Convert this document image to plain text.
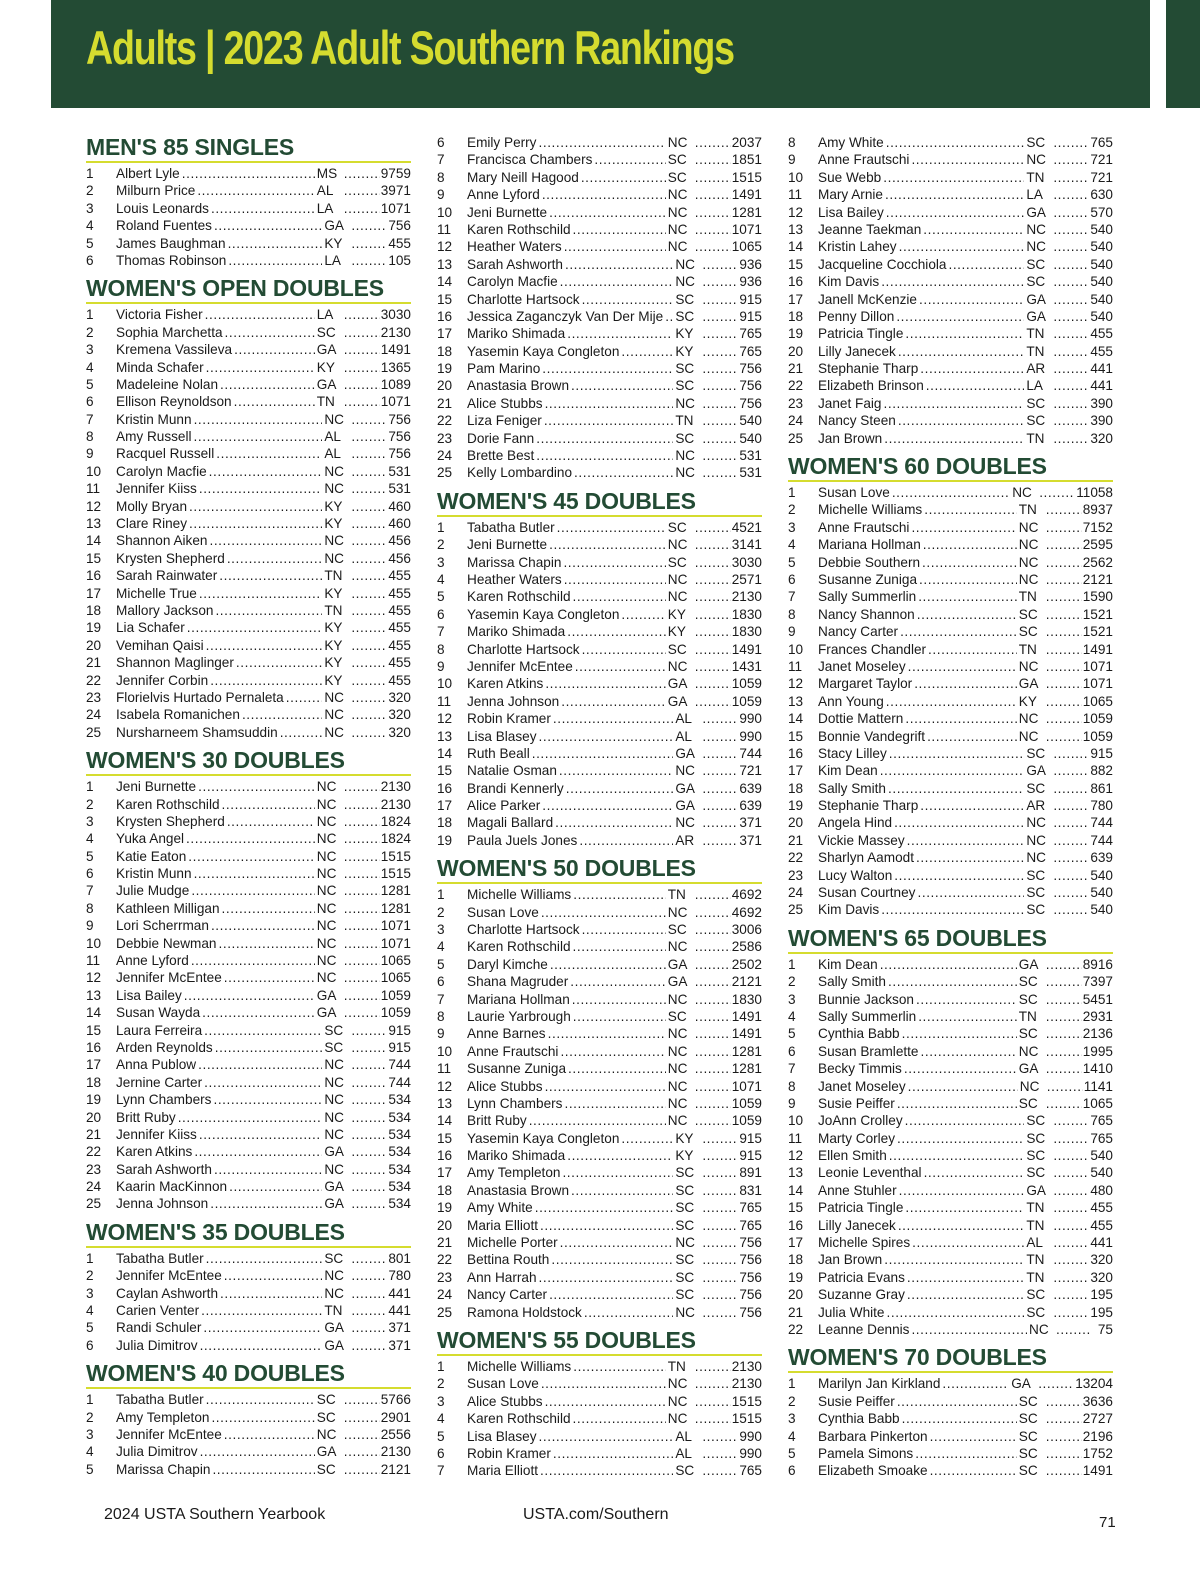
Adults | 2023 Adult Southern Rankings
MEN'S 85 SINGLES
1	Albert Lyle . . .	MS . . .	9759
2	Milburn Price . . .	AL . . .	3971
3	Louis Leonards . . .	LA . . .	1071
4	Roland Fuentes . . .	GA . . .	756
5	James Baughman . . .	KY . . .	455
6	Thomas Robinson . . .	LA . . .	105
WOMEN'S OPEN DOUBLES
1	Victoria Fisher . . .	LA . . .	3030
2	Sophia Marchetta . . .	SC . . .	2130
3	Kremena Vassileva . . .	GA . . .	1491
4	Minda Schafer . . .	KY . . .	1365
5	Madeleine Nolan . . .	GA . . .	1089
6	Ellison Reynoldson . . .	TN . . .	1071
7	Kristin Munn . . .	NC . . .	756
8	Amy Russell . . .	AL . . .	756
9	Racquel Russell . . .	AL . . .	756
10	Carolyn Macfie . . .	NC . . .	531
11	Jennifer Kiiss . . .	NC . . .	531
12	Molly Bryan . . .	KY . . .	460
13	Clare Riney . . .	KY . . .	460
14	Shannon Aiken . . .	NC . . .	456
15	Krysten Shepherd . . .	NC . . .	456
16	Sarah Rainwater . . .	TN . . .	455
17	Michelle True . . .	KY . . .	455
18	Mallory Jackson . . .	TN . . .	455
19	Lia Schafer . . .	KY . . .	455
20	Vemihan Qaisi . . .	KY . . .	455
21	Shannon Maglinger . . .	KY . . .	455
22	Jennifer Corbin . . .	KY . . .	455
23	Florielvis Hurtado Pernaleta . . .	NC . . .	320
24	Isabela Romanichen . . .	NC . . .	320
25	Nursharneem Shamsuddin . . .	NC . . .	320
WOMEN'S 30 DOUBLES
1	Jeni Burnette . . .	NC . . .	2130
2	Karen Rothschild . . .	NC . . .	2130
3	Krysten Shepherd . . .	NC . . .	1824
4	Yuka Angel . . .	NC . . .	1824
5	Katie Eaton . . .	NC . . .	1515
6	Kristin Munn . . .	NC . . .	1515
7	Julie Mudge . . .	NC . . .	1281
8	Kathleen Milligan . . .	NC . . .	1281
9	Lori Scherrman . . .	NC . . .	1071
10	Debbie Newman . . .	NC . . .	1071
11	Anne Lyford . . .	NC . . .	1065
12	Jennifer McEntee . . .	NC . . .	1065
13	Lisa Bailey . . .	GA . . .	1059
14	Susan Wayda . . .	GA . . .	1059
15	Laura Ferreira . . .	SC . . .	915
16	Arden Reynolds . . .	SC . . .	915
17	Anna Publow . . .	NC . . .	744
18	Jernine Carter . . .	NC . . .	744
19	Lynn Chambers . . .	NC . . .	534
20	Britt Ruby . . .	NC . . .	534
21	Jennifer Kiiss . . .	NC . . .	534
22	Karen Atkins . . .	GA . . .	534
23	Sarah Ashworth . . .	NC . . .	534
24	Kaarin MacKinnon . . .	GA . . .	534
25	Jenna Johnson . . .	GA . . .	534
WOMEN'S 35 DOUBLES
1	Tabatha Butler . . .	SC . . .	801
2	Jennifer McEntee . . .	NC . . .	780
3	Caylan Ashworth . . .	NC . . .	441
4	Carien Venter . . .	TN . . .	441
5	Randi Schuler . . .	GA . . .	371
6	Julia Dimitrov . . .	GA . . .	371
WOMEN'S 40 DOUBLES
1	Tabatha Butler . . .	SC . . .	5766
2	Amy Templeton . . .	SC . . .	2901
3	Jennifer McEntee . . .	NC . . .	2556
4	Julia Dimitrov . . .	GA . . .	2130
5	Marissa Chapin . . .	SC . . .	2121
6	Emily Perry . . .	NC . . .	2037
7	Francisca Chambers . . .	SC . . .	1851
8	Mary Neill Hagood . . .	SC . . .	1515
9	Anne Lyford . . .	NC . . .	1491
10	Jeni Burnette . . .	NC . . .	1281
11	Karen Rothschild . . .	NC . . .	1071
12	Heather Waters . . .	NC . . .	1065
13	Sarah Ashworth . . .	NC . . .	936
14	Carolyn Macfie . . .	NC . . .	936
15	Charlotte Hartsock . . .	SC . . .	915
16	Jessica Zaganczyk Van Der Mije . . . SC . . .	915
17	Mariko Shimada . . .	KY . . .	765
18	Yasemin Kaya Congleton . . .	KY . . .	765
19	Pam Marino . . .	SC . . .	756
20	Anastasia Brown . . .	SC . . .	756
21	Alice Stubbs . . .	NC . . .	756
22	Liza Feniger . . .	TN . . .	540
23	Dorie Fann . . .	SC . . .	540
24	Brette Best . . .	NC . . .	531
25	Kelly Lombardino . . .	NC . . .	531
WOMEN'S 45 DOUBLES
1	Tabatha Butler . . .	SC . . .	4521
2	Jeni Burnette . . .	NC . . .	3141
3	Marissa Chapin . . .	SC . . .	3030
4	Heather Waters . . .	NC . . .	2571
5	Karen Rothschild . . .	NC . . .	2130
6	Yasemin Kaya Congleton . . .	KY . . .	1830
7	Mariko Shimada . . .	KY . . .	1830
8	Charlotte Hartsock . . .	SC . . .	1491
9	Jennifer McEntee . . .	NC . . .	1431
10	Karen Atkins . . .	GA . . .	1059
11	Jenna Johnson . . .	GA . . .	1059
12	Robin Kramer . . .	AL . . .	990
13	Lisa Blasey . . .	AL . . .	990
14	Ruth Beall . . .	GA . . .	744
15	Natalie Osman . . .	NC . . .	721
16	Brandi Kennerly . . .	GA . . .	639
17	Alice Parker . . .	GA . . .	639
18	Magali Ballard . . .	NC . . .	371
19	Paula Juels Jones . . .	AR . . .	371
WOMEN'S 50 DOUBLES
1	Michelle Williams . . .	TN . . .	4692
2	Susan Love . . .	NC . . .	4692
3	Charlotte Hartsock . . .	SC . . .	3006
4	Karen Rothschild . . .	NC . . .	2586
5	Daryl Kimche . . .	GA . . .	2502
6	Shana Magruder . . .	GA . . .	2121
7	Mariana Hollman . . .	NC . . .	1830
8	Laurie Yarbrough . . .	SC . . .	1491
9	Anne Barnes . . .	NC . . .	1491
10	Anne Frautschi . . .	NC . . .	1281
11	Susanne Zuniga . . .	NC . . .	1281
12	Alice Stubbs . . .	NC . . .	1071
13	Lynn Chambers . . .	NC . . .	1059
14	Britt Ruby . . .	NC . . .	1059
15	Yasemin Kaya Congleton . . .	KY . . .	915
16	Mariko Shimada . . .	KY . . .	915
17	Amy Templeton . . .	SC . . .	891
18	Anastasia Brown . . .	SC . . .	831
19	Amy White . . .	SC . . .	765
20	Maria Elliott . . .	SC . . .	765
21	Michelle Porter . . .	NC . . .	756
22	Bettina Routh . . .	SC . . .	756
23	Ann Harrah . . .	SC . . .	756
24	Nancy Carter . . .	SC . . .	756
25	Ramona Holdstock . . .	NC . . .	756
WOMEN'S 55 DOUBLES
1	Michelle Williams . . .	TN . . .	2130
2	Susan Love . . .	NC . . .	2130
3	Alice Stubbs . . .	NC . . .	1515
4	Karen Rothschild . . .	NC . . .	1515
5	Lisa Blasey . . .	AL . . .	990
6	Robin Kramer . . .	AL . . .	990
7	Maria Elliott . . .	SC . . .	765
8	Amy White . . .	SC . . .	765
9	Anne Frautschi . . .	NC . . .	721
10	Sue Webb . . .	TN . . .	721
11	Mary Arnie . . .	LA . . .	630
12	Lisa Bailey . . .	GA . . .	570
13	Jeanne Taekman . . .	NC . . .	540
14	Kristin Lahey . . .	NC . . .	540
15	Jacqueline Cocchiola . . .	SC . . .	540
16	Kim Davis . . .	SC . . .	540
17	Janell McKenzie . . .	GA . . .	540
18	Penny Dillon . . .	GA . . .	540
19	Patricia Tingle . . .	TN . . .	455
20	Lilly Janecek . . .	TN . . .	455
21	Stephanie Tharp . . .	AR . . .	441
22	Elizabeth Brinson . . .	LA . . .	441
23	Janet Faig . . .	SC . . .	390
24	Nancy Steen . . .	SC . . .	390
25	Jan Brown . . .	TN . . .	320
WOMEN'S 60 DOUBLES
1	Susan Love . . .	NC . . .	11058
2	Michelle Williams . . .	TN . . .	8937
3	Anne Frautschi . . .	NC . . .	7152
4	Mariana Hollman . . .	NC . . .	2595
5	Debbie Southern . . .	NC . . .	2562
6	Susanne Zuniga . . .	NC . . .	2121
7	Sally Summerlin . . .	TN . . .	1590
8	Nancy Shannon . . .	SC . . .	1521
9	Nancy Carter . . .	SC . . .	1521
10	Frances Chandler . . .	TN . . .	1491
11	Janet Moseley . . .	NC . . .	1071
12	Margaret Taylor . . .	GA . . .	1071
13	Ann Young . . .	KY . . .	1065
14	Dottie Mattern . . .	NC . . .	1059
15	Bonnie Vandegrift . . .	NC . . .	1059
16	Stacy Lilley . . .	SC . . .	915
17	Kim Dean . . .	GA . . .	882
18	Sally Smith . . .	SC . . .	861
19	Stephanie Tharp . . .	AR . . .	780
20	Angela Hind . . .	NC . . .	744
21	Vickie Massey . . .	NC . . .	744
22	Sharlyn Aamodt . . .	NC . . .	639
23	Lucy Walton . . .	SC . . .	540
24	Susan Courtney . . .	SC . . .	540
25	Kim Davis . . .	SC . . .	540
WOMEN'S 65 DOUBLES
1	Kim Dean . . .	GA . . .	8916
2	Sally Smith . . .	SC . . .	7397
3	Bunnie Jackson . . .	SC . . .	5451
4	Sally Summerlin . . .	TN . . .	2931
5	Cynthia Babb . . .	SC . . .	2136
6	Susan Bramlette . . .	NC . . .	1995
7	Becky Timmis . . .	GA . . .	1410
8	Janet Moseley . . .	NC . . .	1141
9	Susie Peiffer . . .	SC . . .	1065
10	JoAnn Crolley . . .	SC . . .	765
11	Marty Corley . . .	SC . . .	765
12	Ellen Smith . . .	SC . . .	540
13	Leonie Leventhal . . .	SC . . .	540
14	Anne Stuhler . . .	GA . . .	480
15	Patricia Tingle . . .	TN . . .	455
16	Lilly Janecek . . .	TN . . .	455
17	Michelle Spires . . .	AL . . .	441
18	Jan Brown . . .	TN . . .	320
19	Patricia Evans . . .	TN . . .	320
20	Suzanne Gray . . .	SC . . .	195
21	Julia White . . .	SC . . .	195
22	Leanne Dennis . . .	NC . . .	75
WOMEN'S 70 DOUBLES
1	Marilyn Jan Kirkland . . .	GA . . .	13204
2	Susie Peiffer . . .	SC . . .	3636
3	Cynthia Babb . . .	SC . . .	2727
4	Barbara Pinkerton . . .	SC . . .	2196
5	Pamela Simons . . .	SC . . .	1752
6	Elizabeth Smoake . . .	SC . . .	1491
2024 USTA Southern Yearbook	USTA.com/Southern	71
